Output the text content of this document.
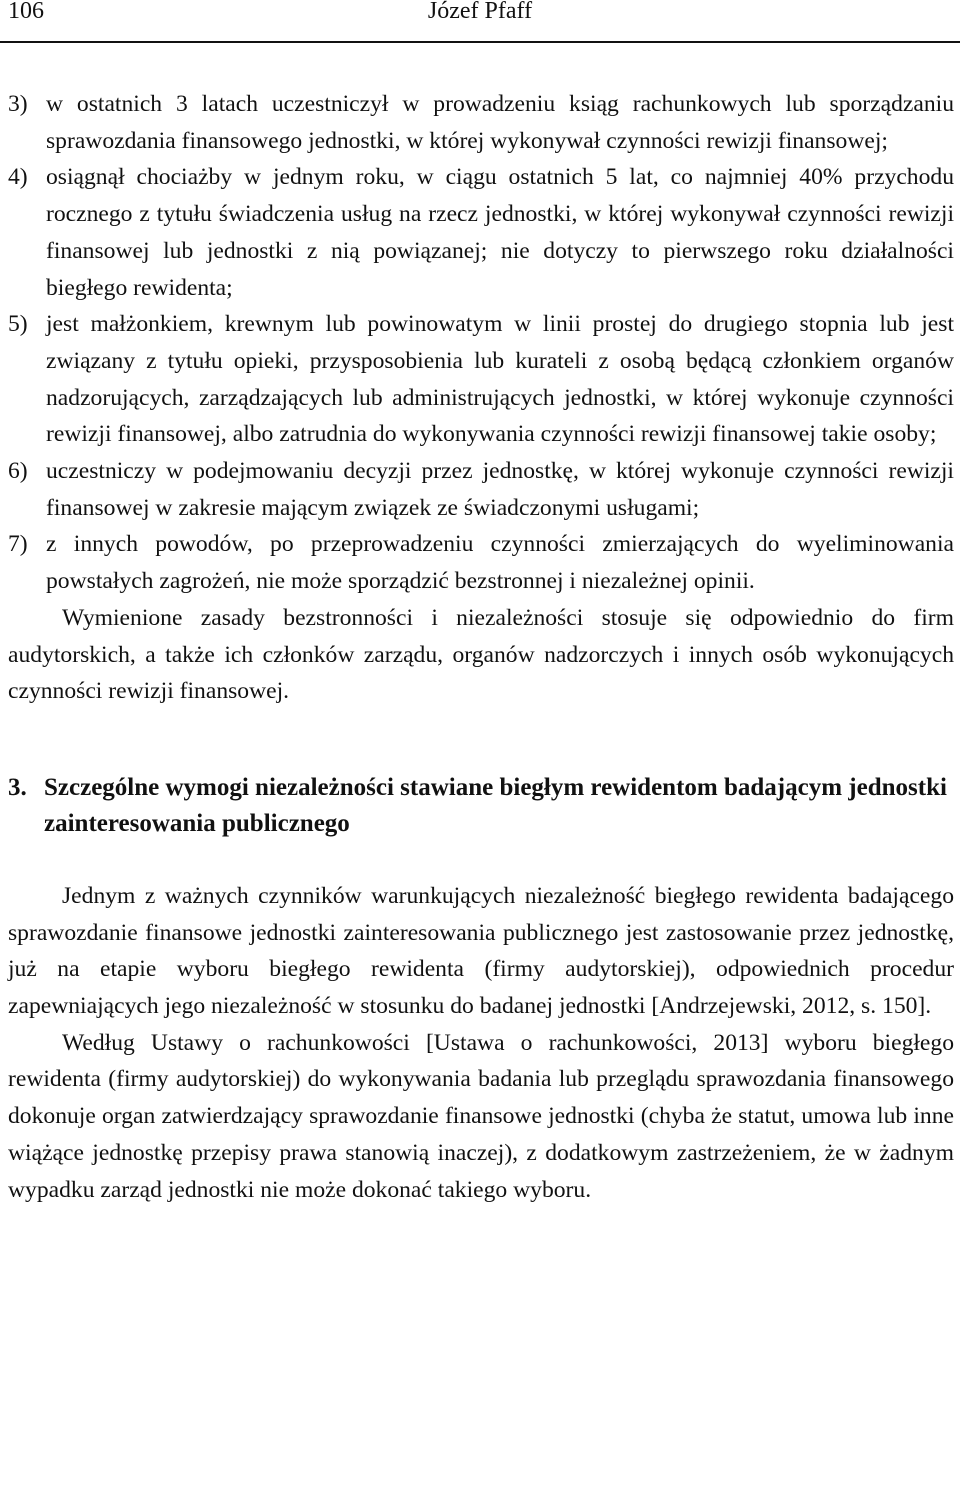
106	Józef Pfaff
3) w ostatnich 3 latach uczestniczył w prowadzeniu ksiąg rachunkowych lub sporządzaniu sprawozdania finansowego jednostki, w której wykonywał czynności rewizji finansowej;
4) osiągnął chociażby w jednym roku, w ciągu ostatnich 5 lat, co najmniej 40% przychodu rocznego z tytułu świadczenia usług na rzecz jednostki, w której wykonywał czynności rewizji finansowej lub jednostki z nią powiązanej; nie dotyczy to pierwszego roku działalności biegłego rewidenta;
5) jest małżonkiem, krewnym lub powinowatym w linii prostej do drugiego stopnia lub jest związany z tytułu opieki, przysposobienia lub kurateli z osobą będącą członkiem organów nadzorujących, zarządzających lub administrujących jednostki, w której wykonuje czynności rewizji finansowej, albo zatrudnia do wykonywania czynności rewizji finansowej takie osoby;
6) uczestniczy w podejmowaniu decyzji przez jednostkę, w której wykonuje czynności rewizji finansowej w zakresie mającym związek ze świadczonymi usługami;
7) z innych powodów, po przeprowadzeniu czynności zmierzających do wyeliminowania powstałych zagrożeń, nie może sporządzić bezstronnej i niezależnej opinii.

Wymienione zasady bezstronności i niezależności stosuje się odpowiednio do firm audytorskich, a także ich członków zarządu, organów nadzorczych i innych osób wykonujących czynności rewizji finansowej.

3. Szczególne wymogi niezależności stawiane biegłym rewidentom badającym jednostki zainteresowania publicznego

Jednym z ważnych czynników warunkujących niezależność biegłego rewidenta badającego sprawozdanie finansowe jednostki zainteresowania publicznego jest zastosowanie przez jednostkę, już na etapie wyboru biegłego rewidenta (firmy audytorskiej), odpowiednich procedur zapewniających jego niezależność w stosunku do badanej jednostki [Andrzejewski, 2012, s. 150].

Według Ustawy o rachunkowości [Ustawa o rachunkowości, 2013] wyboru biegłego rewidenta (firmy audytorskiej) do wykonywania badania lub przeglądu sprawozdania finansowego dokonuje organ zatwierdzający sprawozdanie finansowe jednostki (chyba że statut, umowa lub inne wiążące jednostkę przepisy prawa stanowią inaczej), z dodatkowym zastrzeżeniem, że w żadnym wypadku zarząd jednostki nie może dokonać takiego wyboru.
